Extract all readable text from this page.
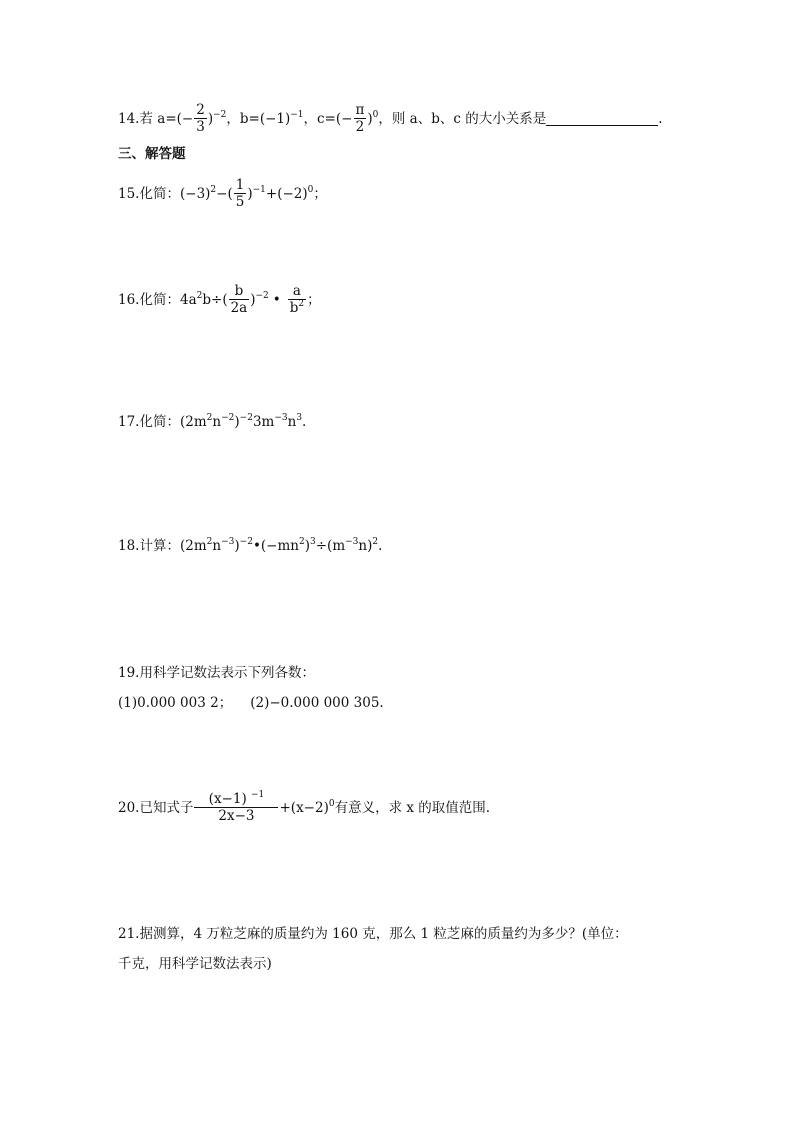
14.若 $a=(- \frac{2}{3} )^{-2}$，$b=(-1)^{-1}$，$c=(- \frac{\pi}{2} )^0$，则 a、b、c 的大小关系是	.
三、解答题
15.化简：$(-3)^2-( \frac{1}{5} )^{-1}+(-2)^0$；
16.化简：$4a^2b\div( \frac{b}{2a} )^{-2}$ • $\frac{a}{b^2}$ ；
17.化简：$(2m^2n^{-2})^{-2}3m^{-3}n^3$.
18.计算：$(2m^2n^{-3})^{-2}•(-mn^2)^3\div(m^{-3}n)^2$.
19.用科学记数法表示下列各数：
(1)0.000 003 2； (2)−0.000 000 305.
20.已知式子 $\frac{(x-1) ^{-1}}{2x-3} +(x-2)^0$有意义，求 x 的取值范围.
21.据测算，4 万粒芝麻的质量约为 160 克，那么 1 粒芝麻的质量约为多少？(单位：
千克，用科学记数法表示)
